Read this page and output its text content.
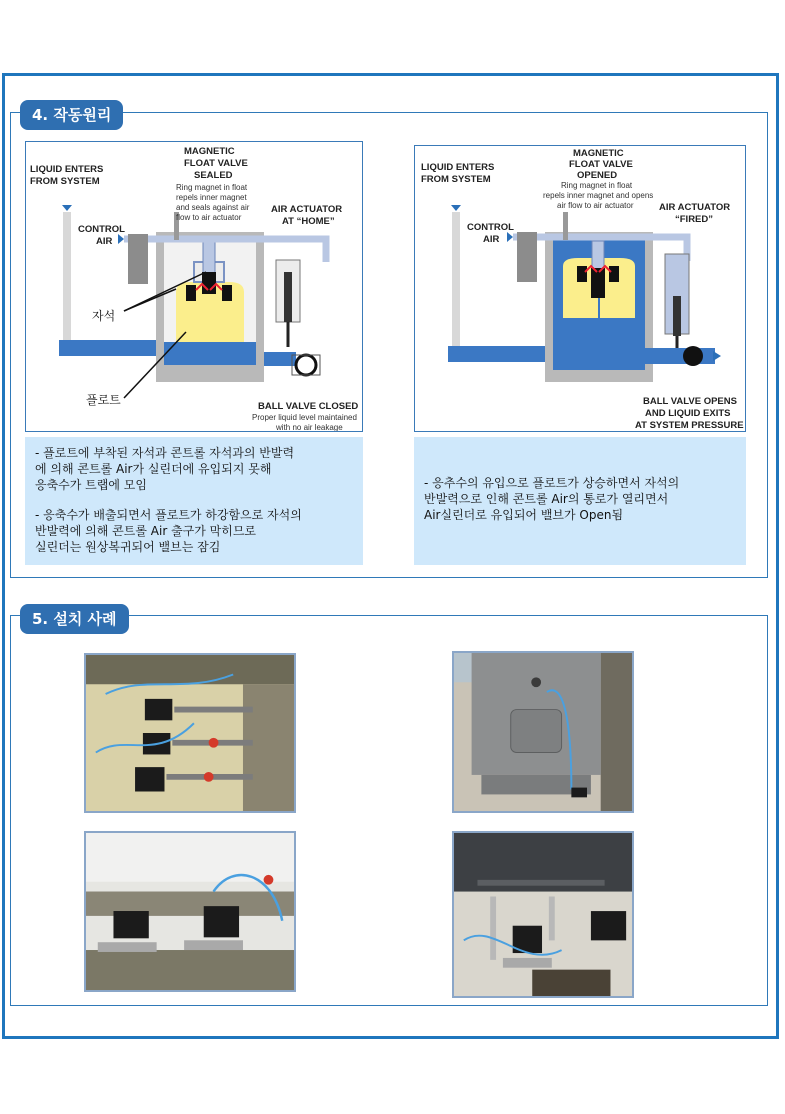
4. 작동원리
LIQUID ENTERS
FROM SYSTEM
MAGNETIC
FLOAT VALVE
SEALED
Ring magnet in float
repels inner magnet
and seals against air
flow to air actuator
AIR ACTUATOR
AT “HOME”
CONTROL
AIR
자석
플로트	BALL VALVE CLOSED
Proper liquid level maintained
with no air leakage
LIQUID ENTERS
FROM SYSTEM
MAGNETIC
FLOAT VALVE
OPENED
Ring magnet in float
repels inner magnet and opens
air flow to air actuator	AIR ACTUATOR
“FIRED”
CONTROL
AIR
BALL VALVE OPENS
AND LIQUID EXITS
AT SYSTEM PRESSURE

- 플로트에 부착된 자석과 콘트롤 자석과의 반발력
에 의해 콘트롤 Air가 실린더에 유입되지 못해
응축수가 트랩에 모임

- 응축수가 배출되면서 플로트가 하강함으로 자석의
반발력에 의해 콘트롤 Air 출구가 막히므로
실린더는 원상복귀되어 밸브는 잠김

- 응추수의 유입으로 플로트가 상승하면서 자석의
반발력으로 인해 콘트롤 Air의 통로가 열리면서
Air실린더로 유입되어 밸브가 Open됨

5. 설치 사례
